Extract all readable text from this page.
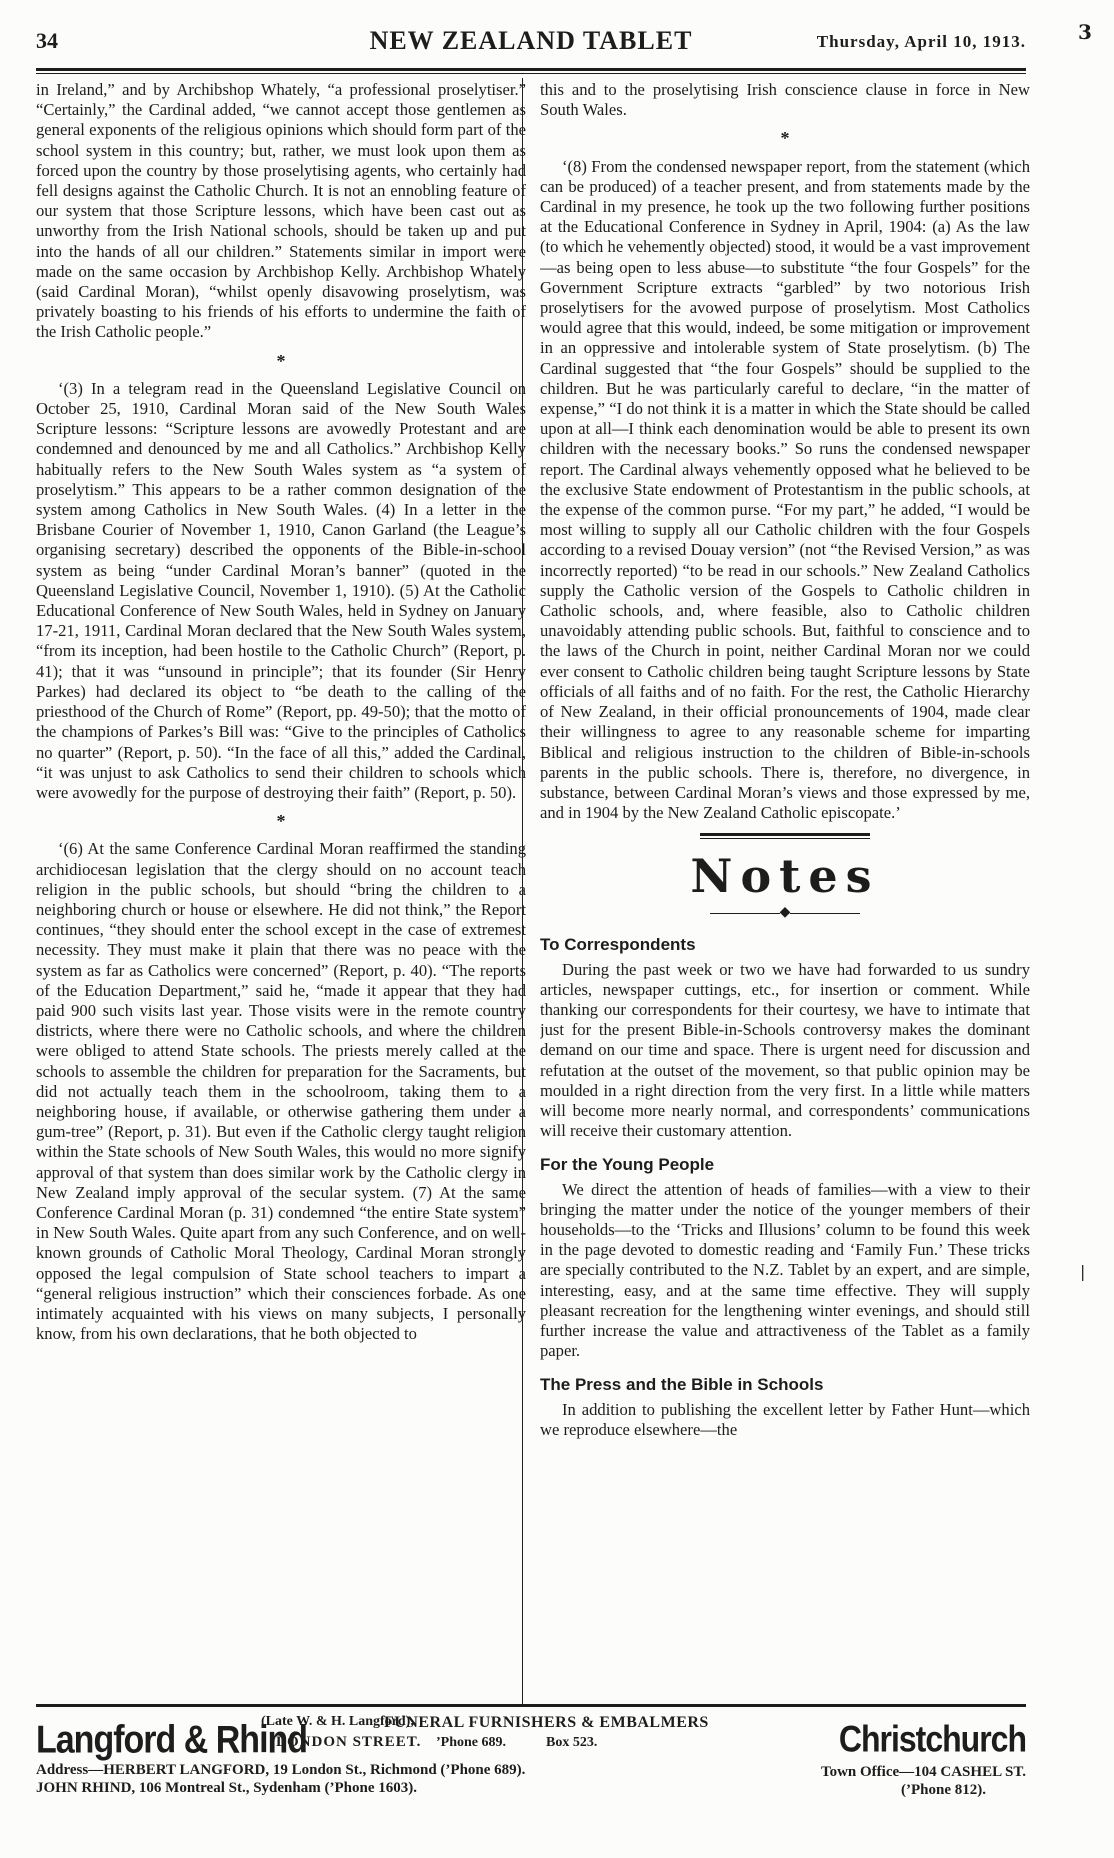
34	NEW ZEALAND TABLET	Thursday, April 10, 1913.	3

in Ireland,” and by Archibshop Whately, “a professional proselytiser.” “Certainly,” the Cardinal added, “we cannot accept those gentlemen as general exponents of the religious opinions which should form part of the school system in this country; but, rather, we must look upon them as forced upon the country by those proselytising agents, who certainly had fell designs against the Catholic Church. It is not an ennobling feature of our system that those Scripture lessons, which have been cast out as unworthy from the Irish National schools, should be taken up and put into the hands of all our children.” Statements similar in import were made on the same occasion by Archbishop Kelly. Archbishop Whately (said Cardinal Moran), “whilst openly disavowing proselytism, was privately boasting to his friends of his efforts to undermine the faith of the Irish Catholic people.”

*

‘(3) In a telegram read in the Queensland Legislative Council on October 25, 1910, Cardinal Moran said of the New South Wales Scripture lessons: “Scripture lessons are avowedly Protestant and are condemned and denounced by me and all Catholics.” Archbishop Kelly habitually refers to the New South Wales system as “a system of proselytism.” This appears to be a rather common designation of the system among Catholics in New South Wales. (4) In a letter in the Brisbane Courier of November 1, 1910, Canon Garland (the League’s organising secretary) described the opponents of the Bible-in-school system as being “under Cardinal Moran’s banner” (quoted in the Queensland Legislative Council, November 1, 1910). (5) At the Catholic Educational Conference of New South Wales, held in Sydney on January 17-21, 1911, Cardinal Moran declared that the New South Wales system, “from its inception, had been hostile to the Catholic Church” (Report, p. 41); that it was “unsound in principle”; that its founder (Sir Henry Parkes) had declared its object to “be death to the calling of the priesthood of the Church of Rome” (Report, pp. 49-50); that the motto of the champions of Parkes’s Bill was: “Give to the principles of Catholics no quarter” (Report, p. 50). “In the face of all this,” added the Cardinal, “it was unjust to ask Catholics to send their children to schools which were avowedly for the purpose of destroying their faith” (Report, p. 50).

*

‘(6) At the same Conference Cardinal Moran reaffirmed the standing archidiocesan legislation that the clergy should on no account teach religion in the public schools, but should “bring the children to a neighboring church or house or elsewhere. He did not think,” the Report continues, “they should enter the school except in the case of extremest necessity. They must make it plain that there was no peace with the system as far as Catholics were concerned” (Report, p. 40). “The reports of the Education Department,” said he, “made it appear that they had paid 900 such visits last year. Those visits were in the remote country districts, where there were no Catholic schools, and where the children were obliged to attend State schools. The priests merely called at the schools to assemble the children for preparation for the Sacraments, but did not actually teach them in the schoolroom, taking them to a neighboring house, if available, or otherwise gathering them under a gum-tree” (Report, p. 31). But even if the Catholic clergy taught religion within the State schools of New South Wales, this would no more signify approval of that system than does similar work by the Catholic clergy in New Zealand imply approval of the secular system. (7) At the same Conference Cardinal Moran (p. 31) condemned “the entire State system” in New South Wales. Quite apart from any such Conference, and on well-known grounds of Catholic Moral Theology, Cardinal Moran strongly opposed the legal compulsion of State school teachers to impart a “general religious instruction” which their consciences forbade. As one intimately acquainted with his views on many subjects, I personally know, from his own declarations, that he both objected to

this and to the proselytising Irish conscience clause in force in New South Wales.

*

‘(8) From the condensed newspaper report, from the statement (which can be produced) of a teacher present, and from statements made by the Cardinal in my presence, he took up the two following further positions at the Educational Conference in Sydney in April, 1904: (a) As the law (to which he vehemently objected) stood, it would be a vast improvement—as being open to less abuse—to substitute “the four Gospels” for the Government Scripture extracts “garbled” by two notorious Irish proselytisers for the avowed purpose of proselytism. Most Catholics would agree that this would, indeed, be some mitigation or improvement in an oppressive and intolerable system of State proselytism. (b) The Cardinal suggested that “the four Gospels” should be supplied to the children. But he was particularly careful to declare, “in the matter of expense,” “I do not think it is a matter in which the State should be called upon at all—I think each denomination would be able to present its own children with the necessary books.” So runs the condensed newspaper report. The Cardinal always vehemently opposed what he believed to be the exclusive State endowment of Protestantism in the public schools, at the expense of the common purse. “For my part,” he added, “I would be most willing to supply all our Catholic children with the four Gospels according to a revised Douay version” (not “the Revised Version,” as was incorrectly reported) “to be read in our schools.” New Zealand Catholics supply the Catholic version of the Gospels to Catholic children in Catholic schools, and, where feasible, also to Catholic children unavoidably attending public schools. But, faithful to conscience and to the laws of the Church in point, neither Cardinal Moran nor we could ever consent to Catholic children being taught Scripture lessons by State officials of all faiths and of no faith. For the rest, the Catholic Hierarchy of New Zealand, in their official pronouncements of 1904, made clear their willingness to agree to any reasonable scheme for imparting Biblical and religious instruction to the children of Bible-in-schools parents in the public schools. There is, therefore, no divergence, in substance, between Cardinal Moran’s views and those expressed by me, and in 1904 by the New Zealand Catholic episcopate.’

Notes
◆
To Correspondents

During the past week or two we have had forwarded to us sundry articles, newspaper cuttings, etc., for insertion or comment. While thanking our correspondents for their courtesy, we have to intimate that just for the present Bible-in-Schools controversy makes the dominant demand on our time and space. There is urgent need for discussion and refutation at the outset of the movement, so that public opinion may be moulded in a right direction from the very first. In a little while matters will become more nearly normal, and correspondents’ communications will receive their customary attention.

For the Young People

We direct the attention of heads of families—with a view to their bringing the matter under the notice of the younger members of their households—to the ‘Tricks and Illusions’ column to be found this week in the page devoted to domestic reading and ‘Family Fun.’ These tricks are specially contributed to the N.Z. Tablet by an expert, and are simple, interesting, easy, and at the same time effective. They will supply pleasant recreation for the lengthening winter evenings, and should still further increase the value and attractiveness of the Tablet as a family paper.

The Press and the Bible in Schools

In addition to publishing the excellent letter by Father Hunt—which we reproduce elsewhere—the

|
Langford & Rhind
(Late W. & H. Langford),
LONDON STREET.
FUNERAL FURNISHERS & EMBALMERS
’Phone 689.	Box 523.	Christchurch
Address—HERBERT LANGFORD, 19 London St., Richmond (’Phone 689).
JOHN RHIND, 106 Montreal St., Sydenham (’Phone 1603).
Town Office—104 CASHEL ST.
(’Phone 812).
